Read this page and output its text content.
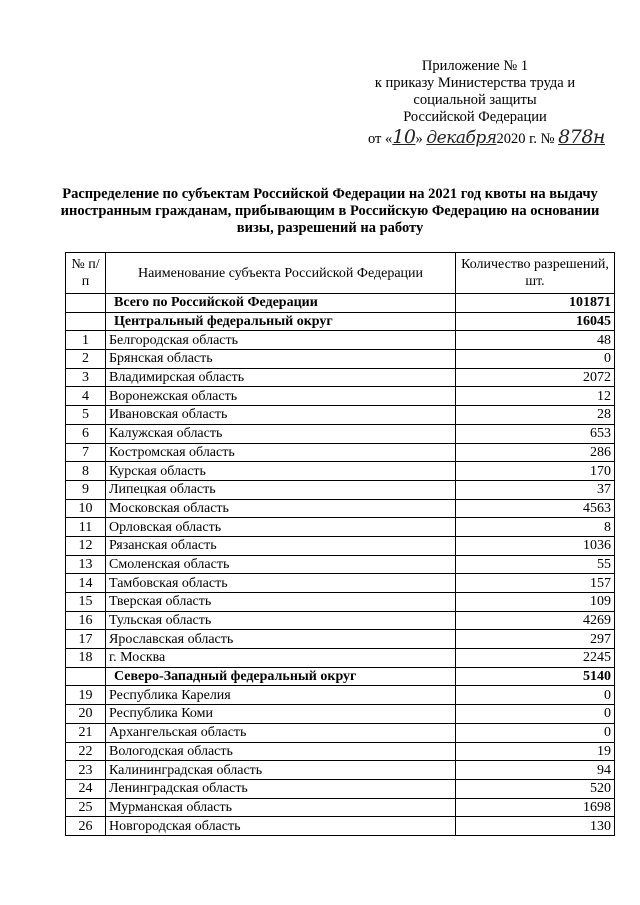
Приложение № 1
к приказу Министерства труда и
социальной защиты
Российской Федерации
от «10» декабря2020 г. № 878н
Распределение по субъектам Российской Федерации на 2021 год квоты на выдачу иностранным гражданам, прибывающим в Российскую Федерацию на основании визы, разрешений на работу
№ п/п	Наименование субъекта Российской Федерации	Количество разрешений, шт.
	Всего по Российской Федерации	101871
	Центральный федеральный округ	16045
1	Белгородская область	48
2	Брянская область	0
3	Владимирская область	2072
4	Воронежская область	12
5	Ивановская область	28
6	Калужская область	653
7	Костромская область	286
8	Курская область	170
9	Липецкая область	37
10	Московская область	4563
11	Орловская область	8
12	Рязанская область	1036
13	Смоленская область	55
14	Тамбовская область	157
15	Тверская область	109
16	Тульская область	4269
17	Ярославская область	297
18	г. Москва	2245
	Северо-Западный федеральный округ	5140
19	Республика Карелия	0
20	Республика Коми	0
21	Архангельская область	0
22	Вологодская область	19
23	Калининградская область	94
24	Ленинградская область	520
25	Мурманская область	1698
26	Новгородская область	130
